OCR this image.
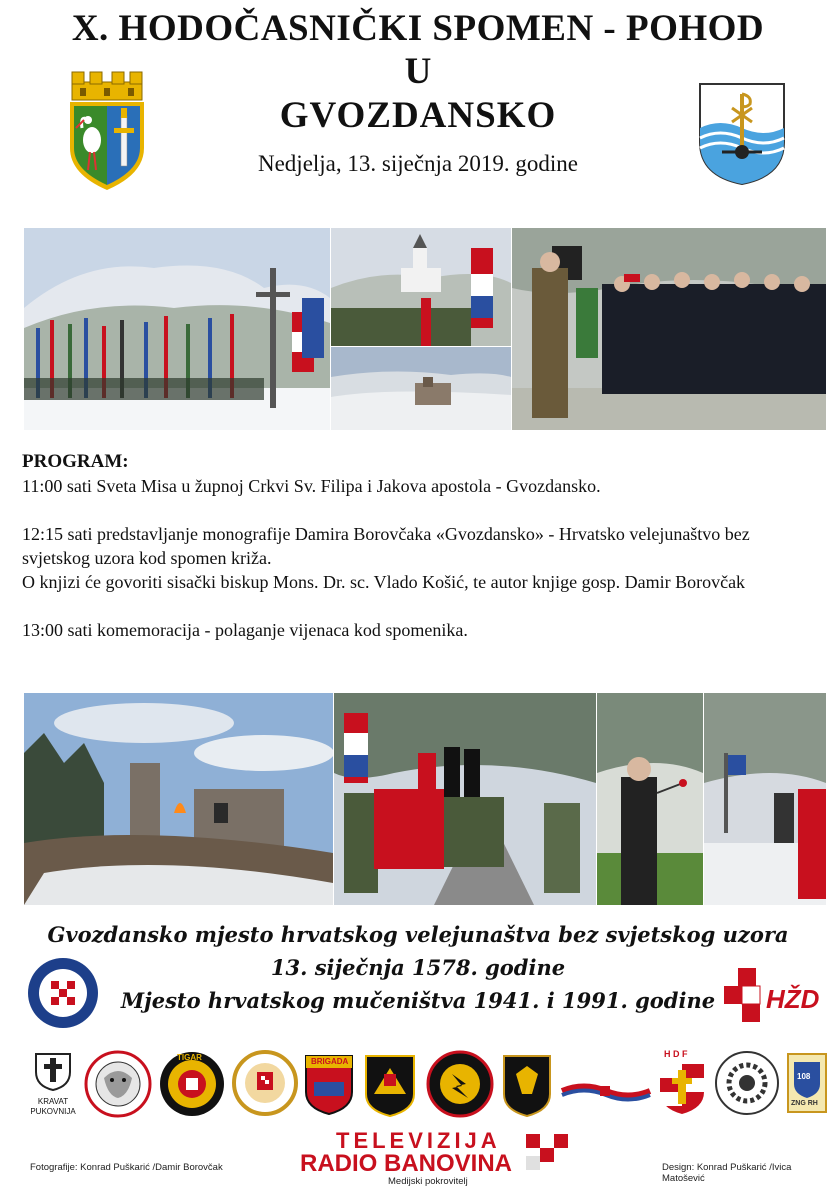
X. HODOČASNIČKI SPOMEN - POHOD
U
GVOZDANSKO
Nedjelja, 13. siječnja 2019. godine

PROGRAM:

11:00 sati Sveta Misa u župnoj Crkvi Sv. Filipa i Jakova apostola - Gvozdansko.

12:15 sati predstavljanje monografije Damira Borovčaka «Gvozdansko» - Hrvatsko velejunaštvo bez svjetskog uzora kod spomen križa.

O knjizi će govoriti sisački biskup Mons. Dr. sc. Vlado Košić, te autor knjige gosp. Damir Borovčak

13:00 sati komemoracija - polaganje vijenaca kod spomenika.

Gvozdansko mjesto hrvatskog velejunaštva bez svjetskog uzora
13. siječnja 1578. godine
Mjesto hrvatskog mučeništva 1941. i 1991. godine	HŽD
KRAVAT
PUKOVNIJA
TIGAR	BRIGADA
H D F
108
ZNG RH
Fotografije: Konrad Puškarić /Damir Borovčak	Design: Konrad Puškarić /Ivica Matošević
TELEVIZIJA
RADIO BANOVINA
Medijski pokrovitelj
